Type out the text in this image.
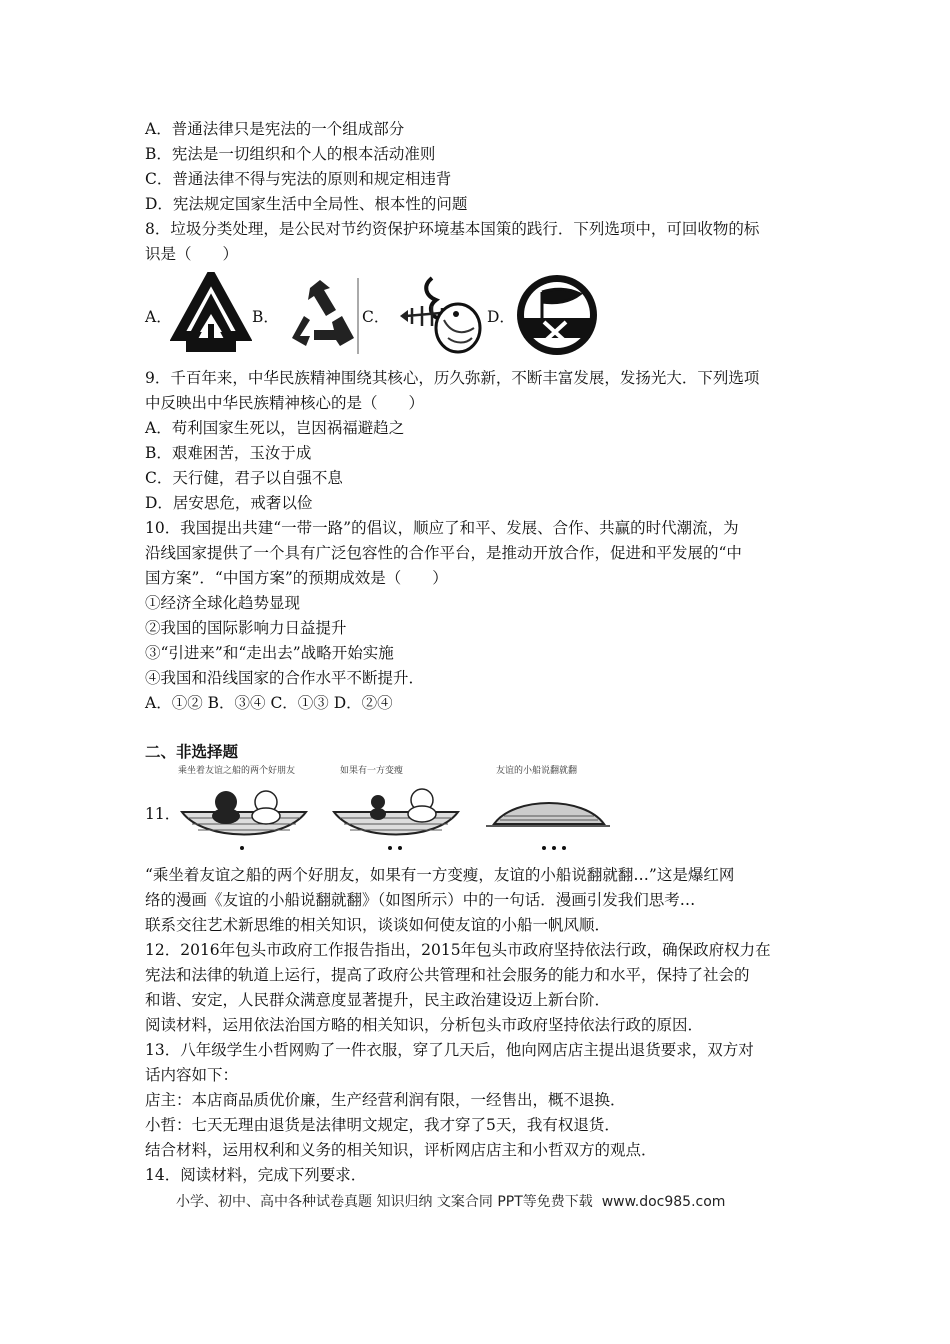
A．普通法律只是宪法的一个组成部分
B．宪法是一切组织和个人的根本活动准则
C．普通法律不得与宪法的原则和规定相违背
D．宪法规定国家生活中全局性、根本性的问题
8．垃圾分类处理，是公民对节约资保护环境基本国策的践行．下列选项中，可回收物的标
识是（　　）
A．	B．	C．	D．
9．千百年来，中华民族精神围绕其核心，历久弥新，不断丰富发展，发扬光大．下列选项
中反映出中华民族精神核心的是（　　）
A．苟利国家生死以，岂因祸福避趋之
B．艰难困苦，玉汝于成
C．天行健，君子以自强不息
D．居安思危，戒奢以俭
10．我国提出共建“一带一路”的倡议，顺应了和平、发展、合作、共赢的时代潮流，为
沿线国家提供了一个具有广泛包容性的合作平台，是推动开放合作，促进和平发展的“中
国方案”．“中国方案”的预期成效是（　　）
①经济全球化趋势显现
②我国的国际影响力日益提升
③“引进来”和“走出去”战略开始实施
④我国和沿线国家的合作水平不断提升．
A．①② B．③④ C．①③ D．②④
二、非选择题
11．
乘坐着友谊之船的两个好朋友	如果有一方变瘦	友谊的小船说翻就翻
“乘坐着友谊之船的两个好朋友，如果有一方变瘦，友谊的小船说翻就翻…”这是爆红网
络的漫画《友谊的小船说翻就翻》（如图所示）中的一句话．漫画引发我们思考…
联系交往艺术新思维的相关知识，谈谈如何使友谊的小船一帆风顺．
12．2016年包头市政府工作报告指出，2015年包头市政府坚持依法行政，确保政府权力在
宪法和法律的轨道上运行，提高了政府公共管理和社会服务的能力和水平，保持了社会的
和谐、安定，人民群众满意度显著提升，民主政治建设迈上新台阶．
阅读材料，运用依法治国方略的相关知识，分析包头市政府坚持依法行政的原因．
13．八年级学生小哲网购了一件衣服，穿了几天后，他向网店店主提出退货要求，双方对
话内容如下：
店主：本店商品质优价廉，生产经营利润有限，一经售出，概不退换．
小哲：七天无理由退货是法律明文规定，我才穿了5天，我有权退货．
结合材料，运用权利和义务的相关知识，评析网店店主和小哲双方的观点．
14．阅读材料，完成下列要求．
小学、初中、高中各种试卷真题 知识归纳 文案合同 PPT等免费下载 www.doc985.com
